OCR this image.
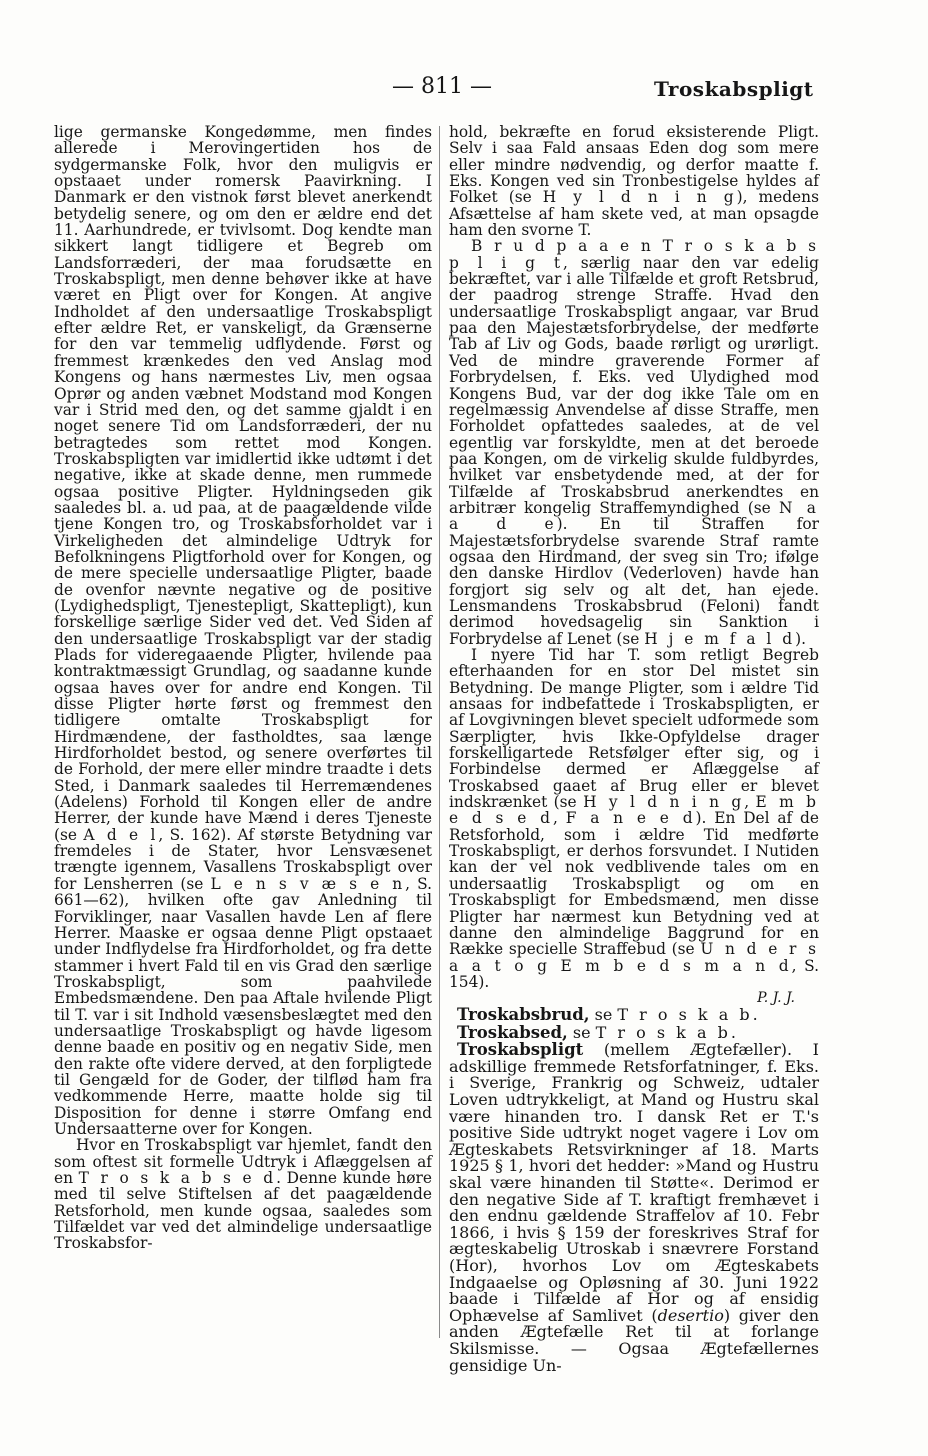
— 811 —	Troskabspligt

lige germanske Kongedømme, men findes allerede i Merovingertiden hos de sydgermanske Folk, hvor den muligvis er opstaaet under romersk Paavirkning. I Danmark er den vistnok først blevet anerkendt betydelig senere, og om den er ældre end det 11. Aarhundrede, er tvivlsomt. Dog kendte man sikkert langt tidligere et Begreb om Landsforræderi, der maa forudsætte en Troskabspligt, men denne behøver ikke at have været en Pligt over for Kongen. At angive Indholdet af den undersaatlige Troskabspligt efter ældre Ret, er vanskeligt, da Grænserne for den var temmelig udflydende. Først og fremmest krænkedes den ved Anslag mod Kongens og hans nærmestes Liv, men ogsaa Oprør og anden væbnet Modstand mod Kongen var i Strid med den, og det samme gjaldt i en noget senere Tid om Landsforræderi, der nu betragtedes som rettet mod Kongen. Troskabspligten var imidlertid ikke udtømt i det negative, ikke at skade denne, men rummede ogsaa positive Pligter. Hyldningseden gik saaledes bl. a. ud paa, at de paagældende vilde tjene Kongen tro, og Troskabsforholdet var i Virkeligheden det almindelige Udtryk for Befolkningens Pligtforhold over for Kongen, og de mere specielle undersaatlige Pligter, baade de ovenfor nævnte negative og de positive (Lydighedspligt, Tjenestepligt, Skattepligt), kun forskellige særlige Sider ved det. Ved Siden af den undersaatlige Troskabspligt var der stadig Plads for videregaaende Pligter, hvilende paa kontraktmæssigt Grundlag, og saadanne kunde ogsaa haves over for andre end Kongen. Til disse Pligter hørte først og fremmest den tidligere omtalte Troskabspligt for Hirdmændene, der fastholdtes, saa længe Hirdforholdet bestod, og senere overførtes til de Forhold, der mere eller mindre traadte i dets Sted, i Danmark saaledes til Herremændenes (Adelens) Forhold til Kongen eller de andre Herrer, der kunde have Mænd i deres Tjeneste (se A d e l, S. 162). Af største Betydning var fremdeles i de Stater, hvor Lensvæsenet trængte igennem, Vasallens Troskabspligt over for Lensherren (se L e n s v æ s e n, S. 661—62), hvilken ofte gav Anledning til Forviklinger, naar Vasallen havde Len af flere Herrer. Maaske er ogsaa denne Pligt opstaaet under Indflydelse fra Hirdforholdet, og fra dette stammer i hvert Fald til en vis Grad den særlige Troskabspligt, som paahvilede Embedsmændene. Den paa Aftale hvilende Pligt til T. var i sit Indhold væsensbeslægtet med den undersaatlige Troskabspligt og havde ligesom denne baade en positiv og en negativ Side, men den rakte ofte videre derved, at den forpligtede til Gengæld for de Goder, der tilflød ham fra vedkommende Herre, maatte holde sig til Disposition for denne i større Omfang end Undersaatterne over for Kongen.

Hvor en Troskabspligt var hjemlet, fandt den som oftest sit formelle Udtryk i Aflæggelsen af en T r o s k a b s e d. Denne kunde høre med til selve Stiftelsen af det paagældende Retsforhold, men kunde ogsaa, saaledes som Tilfældet var ved det almindelige undersaatlige Troskabsfor-

hold, bekræfte en forud eksisterende Pligt. Selv i saa Fald ansaas Eden dog som mere eller mindre nødvendig, og derfor maatte f. Eks. Kongen ved sin Tronbestigelse hyldes af Folket (se H y l d n i n g), medens Afsættelse af ham skete ved, at man opsagde ham den svorne T.

B r u d p a a e n T r o s k a b s p l i g t, særlig naar den var edelig bekræftet, var i alle Tilfælde et groft Retsbrud, der paadrog strenge Straffe. Hvad den undersaatlige Troskabspligt angaar, var Brud paa den Majestætsforbrydelse, der medførte Tab af Liv og Gods, baade rørligt og urørligt. Ved de mindre graverende Former af Forbrydelsen, f. Eks. ved Ulydighed mod Kongens Bud, var der dog ikke Tale om en regelmæssig Anvendelse af disse Straffe, men Forholdet opfattedes saaledes, at de vel egentlig var forskyldte, men at det beroede paa Kongen, om de virkelig skulde fuldbyrdes, hvilket var ensbetydende med, at der for Tilfælde af Troskabsbrud anerkendtes en arbitrær kongelig Straffemyndighed (se N a a d e). En til Straffen for Majestætsforbrydelse svarende Straf ramte ogsaa den Hirdmand, der sveg sin Tro; ifølge den danske Hirdlov (Vederloven) havde han forgjort sig selv og alt det, han ejede. Lensmandens Troskabsbrud (Feloni) fandt derimod hovedsagelig sin Sanktion i Forbrydelse af Lenet (se H j e m f a l d).

I nyere Tid har T. som retligt Begreb efterhaanden for en stor Del mistet sin Betydning. De mange Pligter, som i ældre Tid ansaas for indbefattede i Troskabspligten, er af Lovgivningen blevet specielt udformede som Særpligter, hvis Ikke-Opfyldelse drager forskelligartede Retsfølger efter sig, og i Forbindelse dermed er Aflæggelse af Troskabsed gaaet af Brug eller er blevet indskrænket (se H y l d n i n g, E m b e d s e d, F a n e e d). En Del af de Retsforhold, som i ældre Tid medførte Troskabspligt, er derhos forsvundet. I Nutiden kan der vel nok vedblivende tales om en undersaatlig Troskabspligt og om en Troskabspligt for Embedsmænd, men disse Pligter har nærmest kun Betydning ved at danne den almindelige Baggrund for en Række specielle Straffebud (se U n d e r s a a t o g E m b e d s m a n d, S. 154).

P. J. J.

Troskabsbrud, se T r o s k a b.

Troskabsed, se T r o s k a b.

Troskabspligt (mellem Ægtefæller). I adskillige fremmede Retsforfatninger, f. Eks. i Sverige, Frankrig og Schweiz, udtaler Loven udtrykkeligt, at Mand og Hustru skal være hinanden tro. I dansk Ret er T.'s positive Side udtrykt noget vagere i Lov om Ægteskabets Retsvirkninger af 18. Marts 1925 § 1, hvori det hedder: »Mand og Hustru skal være hinanden til Støtte«. Derimod er den negative Side af T. kraftigt fremhævet i den endnu gældende Straffelov af 10. Febr 1866, i hvis § 159 der foreskrives Straf for ægteskabelig Utroskab i snævrere Forstand (Hor), hvorhos Lov om Ægteskabets Indgaaelse og Opløsning af 30. Juni 1922 baade i Tilfælde af Hor og af ensidig Ophævelse af Samlivet (desertio) giver den anden Ægtefælle Ret til at forlange Skilsmisse. — Ogsaa Ægtefællernes gensidige Un-
